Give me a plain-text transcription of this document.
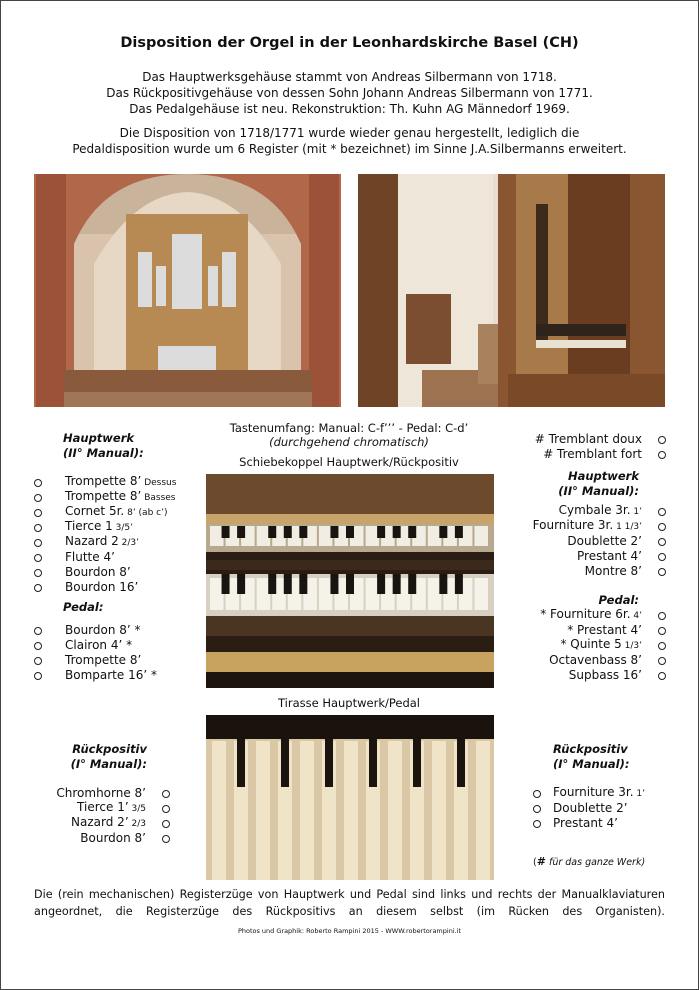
Disposition der Orgel in der Leonhardskirche Basel (CH)
Das Hauptwerksgehäuse stammt von Andreas Silbermann von 1718.
Das Rückpositivgehäuse von dessen Sohn Johann Andreas Silbermann von 1771.
Das Pedalgehäuse ist neu. Rekonstruktion: Th. Kuhn AG Männedorf 1969.
Die Disposition von 1718/1771 wurde wieder genau hergestellt, lediglich die
Pedaldisposition wurde um 6 Register (mit * bezeichnet) im Sinne J.A.Silbermanns erweitert.
Tastenumfang: Manual: C-f’’’ - Pedal: C-d’
(durchgehend chromatisch)
Schiebekoppel Hauptwerk/Rückpositiv
Tirasse Hauptwerk/Pedal
Hauptwerk
(II° Manual):
Trompette 8’ Dessus
Trompette 8’ Basses
Cornet 5r. 8’ (ab c’)
Tierce 1 3/5’
Nazard 2 2/3’
Flutte 4’
Bourdon 8’
Bourdon 16’
Pedal:
Bourdon 8’ *
Clairon 4’ *
Trompette 8’
Bomparte 16’ *
Rückpositiv
(I° Manual):
Chromhorne 8’
Tierce 1’ 3/5
Nazard 2’ 2/3
Bourdon 8’
# Tremblant doux
# Tremblant fort
Hauptwerk
(II° Manual):
Cymbale 3r. 1’
Fourniture 3r. 1 1/3’
Doublette 2’
Prestant 4’
Montre 8’
Pedal:
* Fourniture 6r. 4’
* Prestant 4’
* Quinte 5 1/3’
Octavenbass 8’
Supbass 16’
Rückpositiv
(I° Manual):
Fourniture 3r. 1’
Doublette 2’
Prestant 4’
(# für das ganze Werk)
Die (rein mechanischen) Registerzüge von Hauptwerk und Pedal sind links und rechts der Manualklaviaturen
angeordnet, die Registerzüge des Rückpositivs an diesem selbst (im Rücken des Organisten).
Photos und Graphik: Roberto Rampini 2015 - WWW.robertorampini.it
